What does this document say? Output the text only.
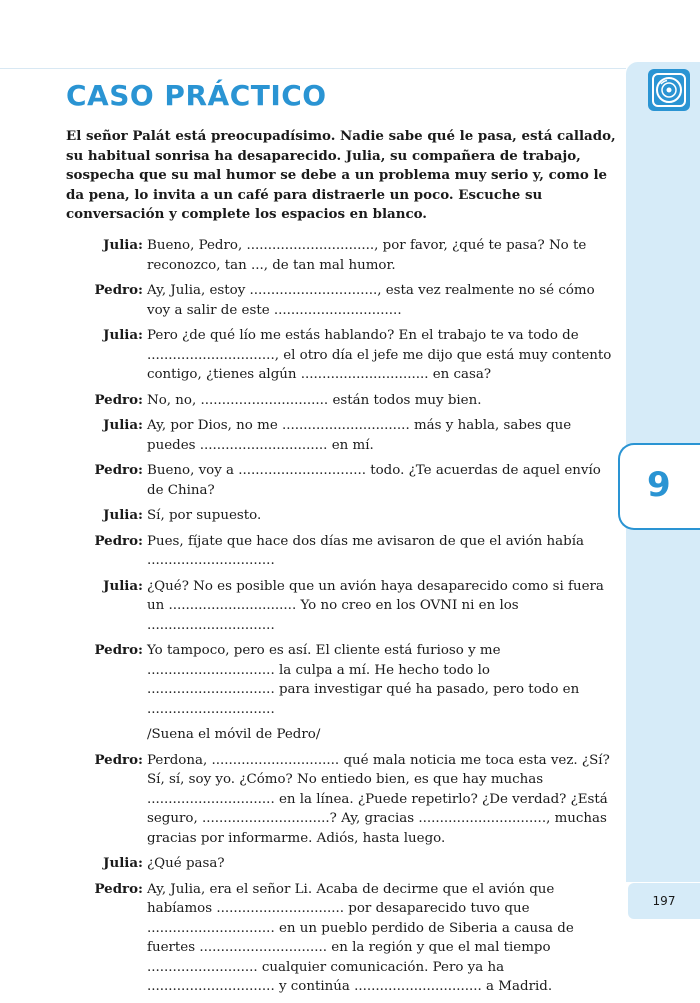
9
197
CASO PRÁCTICO

El señor Palát está preocupadísimo. Nadie sabe qué le pasa, está callado, su habitual sonrisa ha desaparecido. Julia, su compañera de trabajo, sospecha que su mal humor se debe a un problema muy serio y, como le da pena, lo invita a un café para distraerle un poco. Escuche su conversación y complete los espacios en blanco.

Julia: Bueno, Pedro, .............................., por favor, ¿qué te pasa? No te reconozco, tan ..., de tan mal humor.
Pedro: Ay, Julia, estoy .............................., esta vez realmente no sé cómo voy a salir de este ..............................
Julia: Pero ¿de qué lío me estás hablando? En el trabajo te va todo de .............................., el otro día el jefe me dijo que está muy contento contigo, ¿tienes algún .............................. en casa?
Pedro: No, no, .............................. están todos muy bien.
Julia: Ay, por Dios, no me .............................. más y habla, sabes que puedes .............................. en mí.
Pedro: Bueno, voy a .............................. todo. ¿Te acuerdas de aquel envío de China?
Julia: Sí, por supuesto.
Pedro: Pues, fíjate que hace dos días me avisaron de que el avión había ..............................
Julia: ¿Qué? No es posible que un avión haya desaparecido como si fuera un .............................. Yo no creo en los OVNI ni en los ..............................
Pedro: Yo tampoco, pero es así. El cliente está furioso y me .............................. la culpa a mí. He hecho todo lo .............................. para investigar qué ha pasado, pero todo en ..............................
/Suena el móvil de Pedro/
Pedro: Perdona, .............................. qué mala noticia me toca esta vez. ¿Sí? Sí, sí, soy yo. ¿Cómo? No entiedo bien, es que hay muchas .............................. en la línea. ¿Puede repetirlo? ¿De verdad? ¿Está seguro, ..............................? Ay, gracias .............................., muchas gracias por informarme. Adiós, hasta luego.
Julia: ¿Qué pasa?
Pedro: Ay, Julia, era el señor Li. Acaba de decirme que el avión que habíamos .............................. por desaparecido tuvo que .............................. en un pueblo perdido de Siberia a causa de fuertes .............................. en la región y que el mal tiempo .......................... cualquier comunicación. Pero ya ha .............................. y continúa .............................. a Madrid.
